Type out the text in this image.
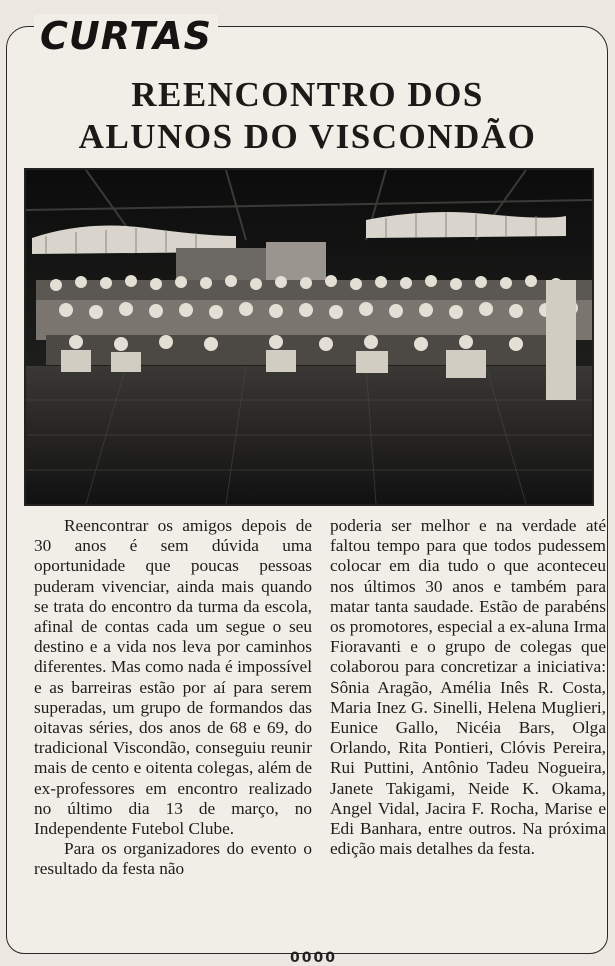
CURTAS
REENCONTRO DOS
ALUNOS DO VISCONDÃO

Reencontrar os amigos depois de 30 anos é sem dúvida uma oportunidade que poucas pessoas puderam vivenciar, ainda mais quando se trata do encontro da turma da escola, afinal de contas cada um segue o seu destino e a vida nos leva por caminhos diferentes. Mas como nada é impossível e as barreiras estão por aí para serem superadas, um grupo de formandos das oitavas séries, dos anos de 68 e 69, do tradicional Viscondão, conseguiu reunir mais de cento e oitenta colegas, além de ex-professores em encontro realizado no último dia 13 de março, no Independente Futebol Clube.

Para os organizadores do evento o resultado da festa não

poderia ser melhor e na verdade até faltou tempo para que todos pudessem colocar em dia tudo o que aconteceu nos últimos 30 anos e também para matar tanta saudade. Estão de parabéns os promotores, especial a ex-aluna Irma Fioravanti e o grupo de colegas que colaborou para concretizar a iniciativa: Sônia Aragão, Amélia Inês R. Costa, Maria Inez G. Sinelli, Helena Muglieri, Eunice Gallo, Nicéia Bars, Olga Orlando, Rita Pontieri, Clóvis Pereira, Rui Puttini, Antônio Tadeu Nogueira, Janete Takigami, Neide K. Okama, Angel Vidal, Jacira F. Rocha, Marise e Edi Banhara, entre outros. Na próxima edição mais detalhes da festa.

0000
